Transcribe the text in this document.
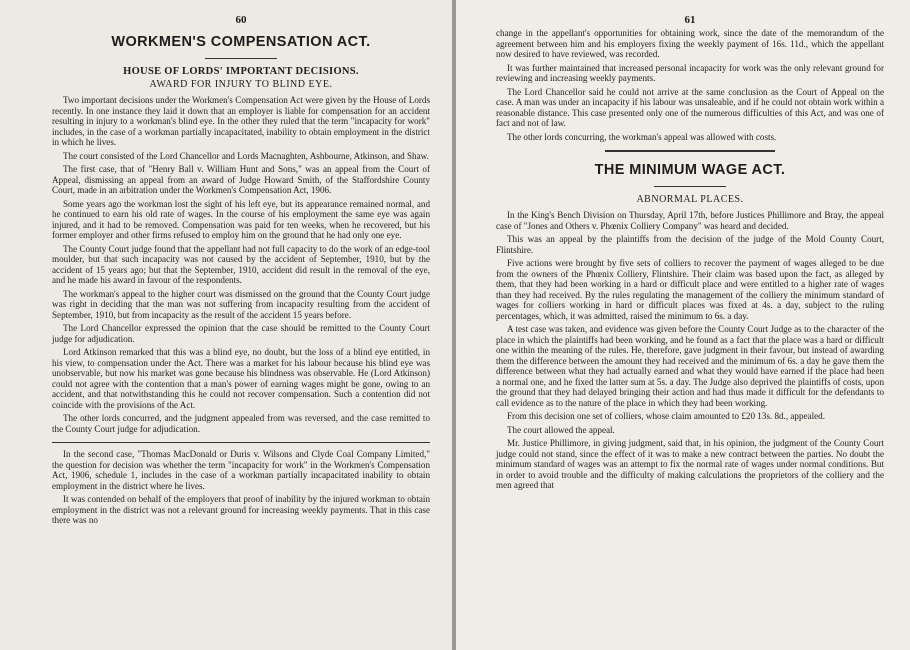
60
WORKMEN'S COMPENSATION ACT.
HOUSE OF LORDS' IMPORTANT DECISIONS.
AWARD FOR INJURY TO BLIND EYE.

Two important decisions under the Workmen's Compensation Act were given by the House of Lords recently. In one instance they laid it down that an employer is liable for compensation for an accident resulting in injury to a workman's blind eye. In the other they ruled that the term "incapacity for work" includes, in the case of a workman partially incapacitated, inability to obtain employment in the district in which he lives.

The court consisted of the Lord Chancellor and Lords Macnaghten, Ashbourne, Atkinson, and Shaw.

The first case, that of "Henry Ball v. William Hunt and Sons," was an appeal from the Court of Appeal, dismissing an appeal from an award of Judge Howard Smith, of the Staffordshire County Court, made in an arbitration under the Workmen's Compensation Act, 1906.

Some years ago the workman lost the sight of his left eye, but its appearance remained normal, and he continued to earn his old rate of wages. In the course of his employment the same eye was again injured, and it had to be removed. Compensation was paid for ten weeks, when he recovered, but his former employer and other firms refused to employ him on the ground that he had only one eye.

The County Court judge found that the appellant had not full capacity to do the work of an edge-tool moulder, but that such incapacity was not caused by the accident of September, 1910, but by the accident of 15 years ago; but that the September, 1910, accident did result in the removal of the eye, and he made his award in favour of the respondents.

The workman's appeal to the higher court was dismissed on the ground that the County Court judge was right in deciding that the man was not suffering from incapacity resulting from the accident of September, 1910, but from incapacity as the result of the accident 15 years before.

The Lord Chancellor expressed the opinion that the case should be remitted to the County Court judge for adjudication.

Lord Atkinson remarked that this was a blind eye, no doubt, but the loss of a blind eye entitled, in his view, to compensation under the Act. There was a market for his labour because his blind eye was unobservable, but now his market was gone because his blindness was observable. He (Lord Atkinson) could not agree with the contention that a man's power of earning wages might be gone, owing to an accident, and that notwithstanding this he could not recover compensation. Such a contention did not coincide with the provisions of the Act.

The other lords concurred, and the judgment appealed from was reversed, and the case remitted to the County Court judge for adjudication.

In the second case, "Thomas MacDonald or Duris v. Wilsons and Clyde Coal Company Limited," the question for decision was whether the term "incapacity for work" in the Workmen's Compensation Act, 1906, schedule 1, includes in the case of a workman partially incapacitated inability to obtain employment in the district where he lives.

It was contended on behalf of the employers that proof of inability by the injured workman to obtain employment in the district was not a relevant ground for increasing weekly payments. That in this case there was no

61

change in the appellant's opportunities for obtaining work, since the date of the memorandum of the agreement between him and his employers fixing the weekly payment of 16s. 11d., which the appellant now desired to have reviewed, was recorded.

It was further maintained that increased personal incapacity for work was the only relevant ground for reviewing and increasing weekly payments.

The Lord Chancellor said he could not arrive at the same conclusion as the Court of Appeal on the case. A man was under an incapacity if his labour was unsaleable, and if he could not obtain work within a reasonable distance. This case presented only one of the numerous difficulties of this Act, and was one of fact and not of law.

The other lords concurring, the workman's appeal was allowed with costs.

THE MINIMUM WAGE ACT.
ABNORMAL PLACES.

In the King's Bench Division on Thursday, April 17th, before Justices Phillimore and Bray, the appeal case of "Jones and Others v. Phœnix Colliery Company" was heard and decided.

This was an appeal by the plaintiffs from the decision of the judge of the Mold County Court, Flintshire.

Five actions were brought by five sets of colliers to recover the payment of wages alleged to be due from the owners of the Phœnix Colliery, Flintshire. Their claim was based upon the fact, as alleged by them, that they had been working in a hard or difficult place and were entitled to a higher rate of wages than they had received. By the rules regulating the management of the colliery the minimum standard of wages for colliers working in hard or difficult places was fixed at 4s. a day, subject to the ruling percentages, which, it was admitted, raised the minimum to 6s. a day.

A test case was taken, and evidence was given before the County Court Judge as to the character of the place in which the plaintiffs had been working, and he found as a fact that the place was a hard or difficult one within the meaning of the rules. He, therefore, gave judgment in their favour, but instead of awarding them the difference between the amount they had received and the minimum of 6s. a day he gave them the difference between what they had actually earned and what they would have earned if the place had been a normal one, and he fixed the latter sum at 5s. a day. The Judge also deprived the plaintiffs of costs, upon the ground that they had delayed bringing their action and had thus made it difficult for the defendants to call evidence as to the nature of the place in which they had been working.

From this decision one set of colliers, whose claim amounted to £20 13s. 8d., appealed.

The court allowed the appeal.

Mr. Justice Phillimore, in giving judgment, said that, in his opinion, the judgment of the County Court judge could not stand, since the effect of it was to make a new contract between the parties. No doubt the minimum standard of wages was an attempt to fix the normal rate of wages under normal conditions. But in order to avoid trouble and the difficulty of making calculations the proprietors of the colliery and the men agreed that
